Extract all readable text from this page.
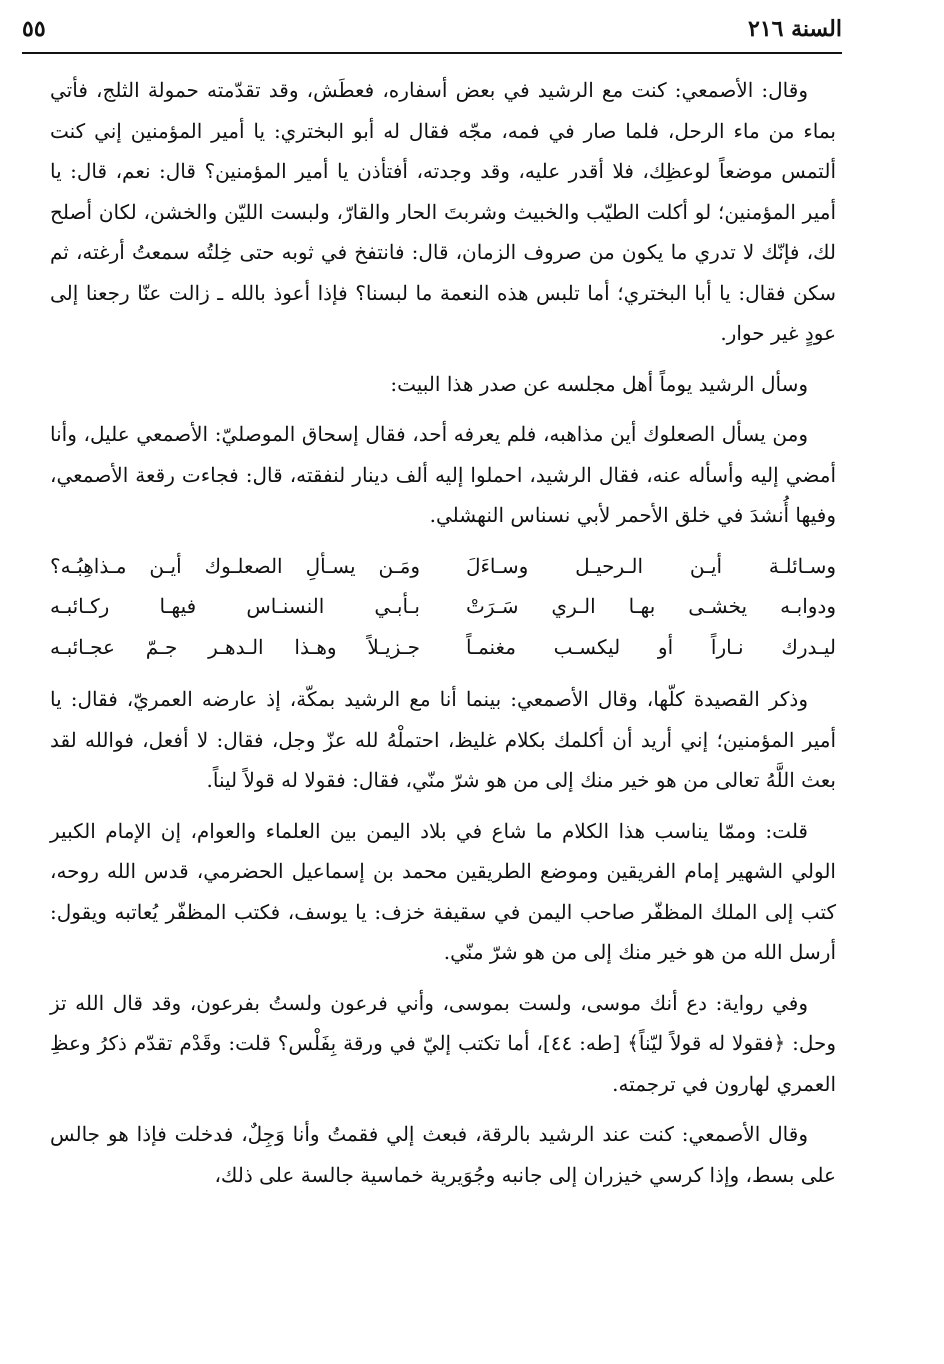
السنة ٢١٦
٥٥

وقال: الأصمعي: كنت مع الرشيد في بعض أسفاره، فعطَش، وقد تقدّمته حمولة الثلج، فأتي بماء من ماء الرحل، فلما صار في فمه، مجّه فقال له أبو البختري: يا أمير المؤمنين إني كنت ألتمس موضعاً لوعظِك، فلا أقدر عليه، وقد وجدته، أفتأذن يا أمير المؤمنين؟ قال: نعم، قال: يا أمير المؤمنين؛ لو أكلت الطيّب والخبيث وشربتَ الحار والقارّ، ولبست الليّن والخشن، لكان أصلح لك، فإنّك لا تدري ما يكون من صروف الزمان، قال: فانتفخ في ثوبه حتى خِلتُه سمعتُ أرغته، ثم سكن فقال: يا أبا البختري؛ أما تلبس هذه النعمة ما لبسنا؟ فإذا أعوذ بالله ـ زالت عنّا رجعنا إلى عودٍ غير حوار.

وسأل الرشيد يوماً أهل مجلسه عن صدر هذا البيت:

ومن يسأل الصعلوك أين مذاهبه، فلم يعرفه أحد، فقال إسحاق الموصليّ: الأصمعي عليل، وأنا أمضي إليه وأسأله عنه، فقال الرشيد، احملوا إليه ألف دينار لنفقته، قال: فجاءت رقعة الأصمعي، وفيها أُنشدَ في خلق الأحمر لأبي نسناس النهشلي.

وسـائلـة أيـن الـرحيـل وسـاءَلَ
ومَـن يسـألِ الصعلـوك أيـن مـذاهِبُـه؟
ودوابـه يخشـى بهـا الـري سَـرَتْ
بـأبـي النسنـاس فيهـا ركـائبـه
ليـدرك نـاراً أو ليكسـب مغنمـاً
جـزيـلاً وهـذا الـدهـر جـمّ عجـائبـه

وذكر القصيدة كلّها، وقال الأصمعي: بينما أنا مع الرشيد بمكّة، إذ عارضه العمريّ، فقال: يا أمير المؤمنين؛ إني أريد أن أكلمك بكلام غليظ، احتملْهُ لله عزّ وجل، فقال: لا أفعل، فوالله لقد بعث اللَّهُ تعالى من هو خير منك إلى من هو شرّ منّي، فقال: فقولا له قولاً ليناً.

قلت: وممّا يناسب هذا الكلام ما شاع في بلاد اليمن بين العلماء والعوام، إن الإمام الكبير الولي الشهير إمام الفريقين وموضع الطريقين محمد بن إسماعيل الحضرمي، قدس الله روحه، كتب إلى الملك المظفّر صاحب اليمن في سقيفة خزف: يا يوسف، فكتب المظفّر يُعاتبه ويقول: أرسل الله من هو خير منك إلى من هو شرّ منّي.

وفي رواية: دع أنك موسى، ولست بموسى، وأني فرعون ولستُ بفرعون، وقد قال الله تز وحل: ﴿فقولا له قولاً ليّناً﴾ [طه: ٤٤]، أما تكتب إليّ في ورقة بِفَلْس؟ قلت: وقَدْم تقدّم ذكرُ وعظِ العمري لهارون في ترجمته.

وقال الأصمعي: كنت عند الرشيد بالرقة، فبعث إلي فقمتُ وأنا وَجِلٌ، فدخلت فإذا هو جالس على بسط، وإذا كرسي خيزران إلى جانبه وجُوَيرية خماسية جالسة على ذلك،
